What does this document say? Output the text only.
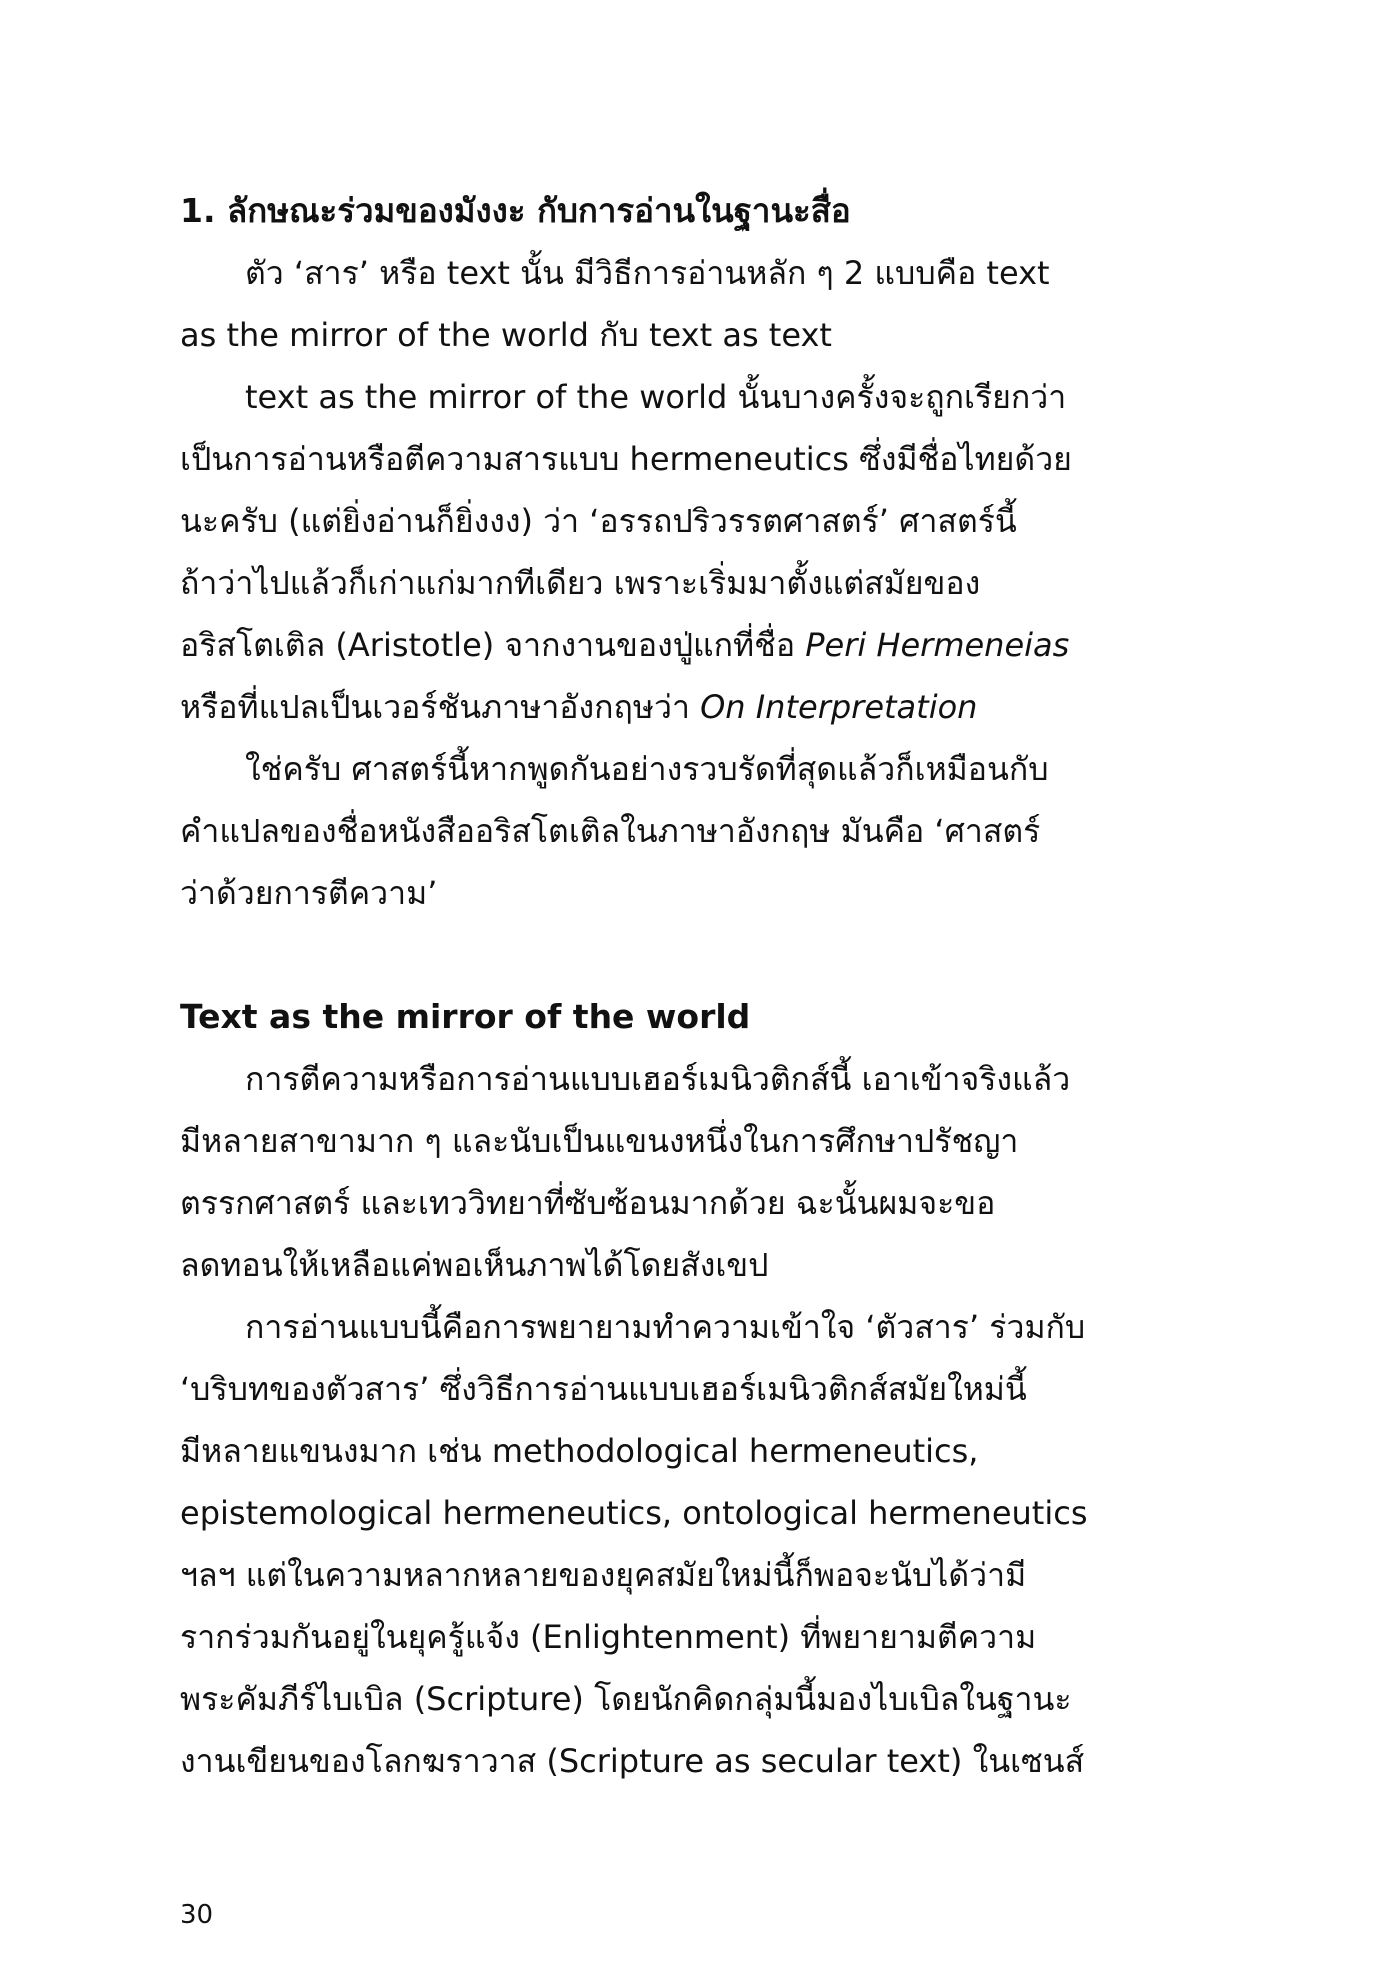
1. ลักษณะร่วมของมังงะ กับการอ่านในฐานะสื่อ
ตัว ‘สาร’ หรือ text นั้น มีวิธีการอ่านหลัก ๆ 2 แบบคือ text
as the mirror of the world กับ text as text
text as the mirror of the world นั้นบางครั้งจะถูกเรียกว่า
เป็นการอ่านหรือตีความสารแบบ hermeneutics ซึ่งมีชื่อไทยด้วย
นะครับ (แต่ยิ่งอ่านก็ยิ่งงง) ว่า ‘อรรถปริวรรตศาสตร์’ ศาสตร์นี้
ถ้าว่าไปแล้วก็เก่าแก่มากทีเดียว เพราะเริ่มมาตั้งแต่สมัยของ
อริสโตเติล (Aristotle) จากงานของปู่แกที่ชื่อ Peri Hermeneias
หรือที่แปลเป็นเวอร์ชันภาษาอังกฤษว่า On Interpretation
ใช่ครับ ศาสตร์นี้หากพูดกันอย่างรวบรัดที่สุดแล้วก็เหมือนกับ
คำแปลของชื่อหนังสืออริสโตเติลในภาษาอังกฤษ มันคือ ‘ศาสตร์
ว่าด้วยการตีความ’
Text as the mirror of the world
การตีความหรือการอ่านแบบเฮอร์เมนิวติกส์นี้ เอาเข้าจริงแล้ว
มีหลายสาขามาก ๆ และนับเป็นแขนงหนึ่งในการศึกษาปรัชญา
ตรรกศาสตร์ และเทววิทยาที่ซับซ้อนมากด้วย ฉะนั้นผมจะขอ
ลดทอนให้เหลือแค่พอเห็นภาพได้โดยสังเขป
การอ่านแบบนี้คือการพยายามทำความเข้าใจ ‘ตัวสาร’ ร่วมกับ
‘บริบทของตัวสาร’ ซึ่งวิธีการอ่านแบบเฮอร์เมนิวติกส์สมัยใหม่นี้
มีหลายแขนงมาก เช่น methodological hermeneutics,
epistemological hermeneutics, ontological hermeneutics
ฯลฯ แต่ในความหลากหลายของยุคสมัยใหม่นี้ก็พอจะนับได้ว่ามี
รากร่วมกันอยู่ในยุครู้แจ้ง (Enlightenment) ที่พยายามตีความ
พระคัมภีร์ไบเบิล (Scripture) โดยนักคิดกลุ่มนี้มองไบเบิลในฐานะ
งานเขียนของโลกฆราวาส (Scripture as secular text) ในเซนส์
30
